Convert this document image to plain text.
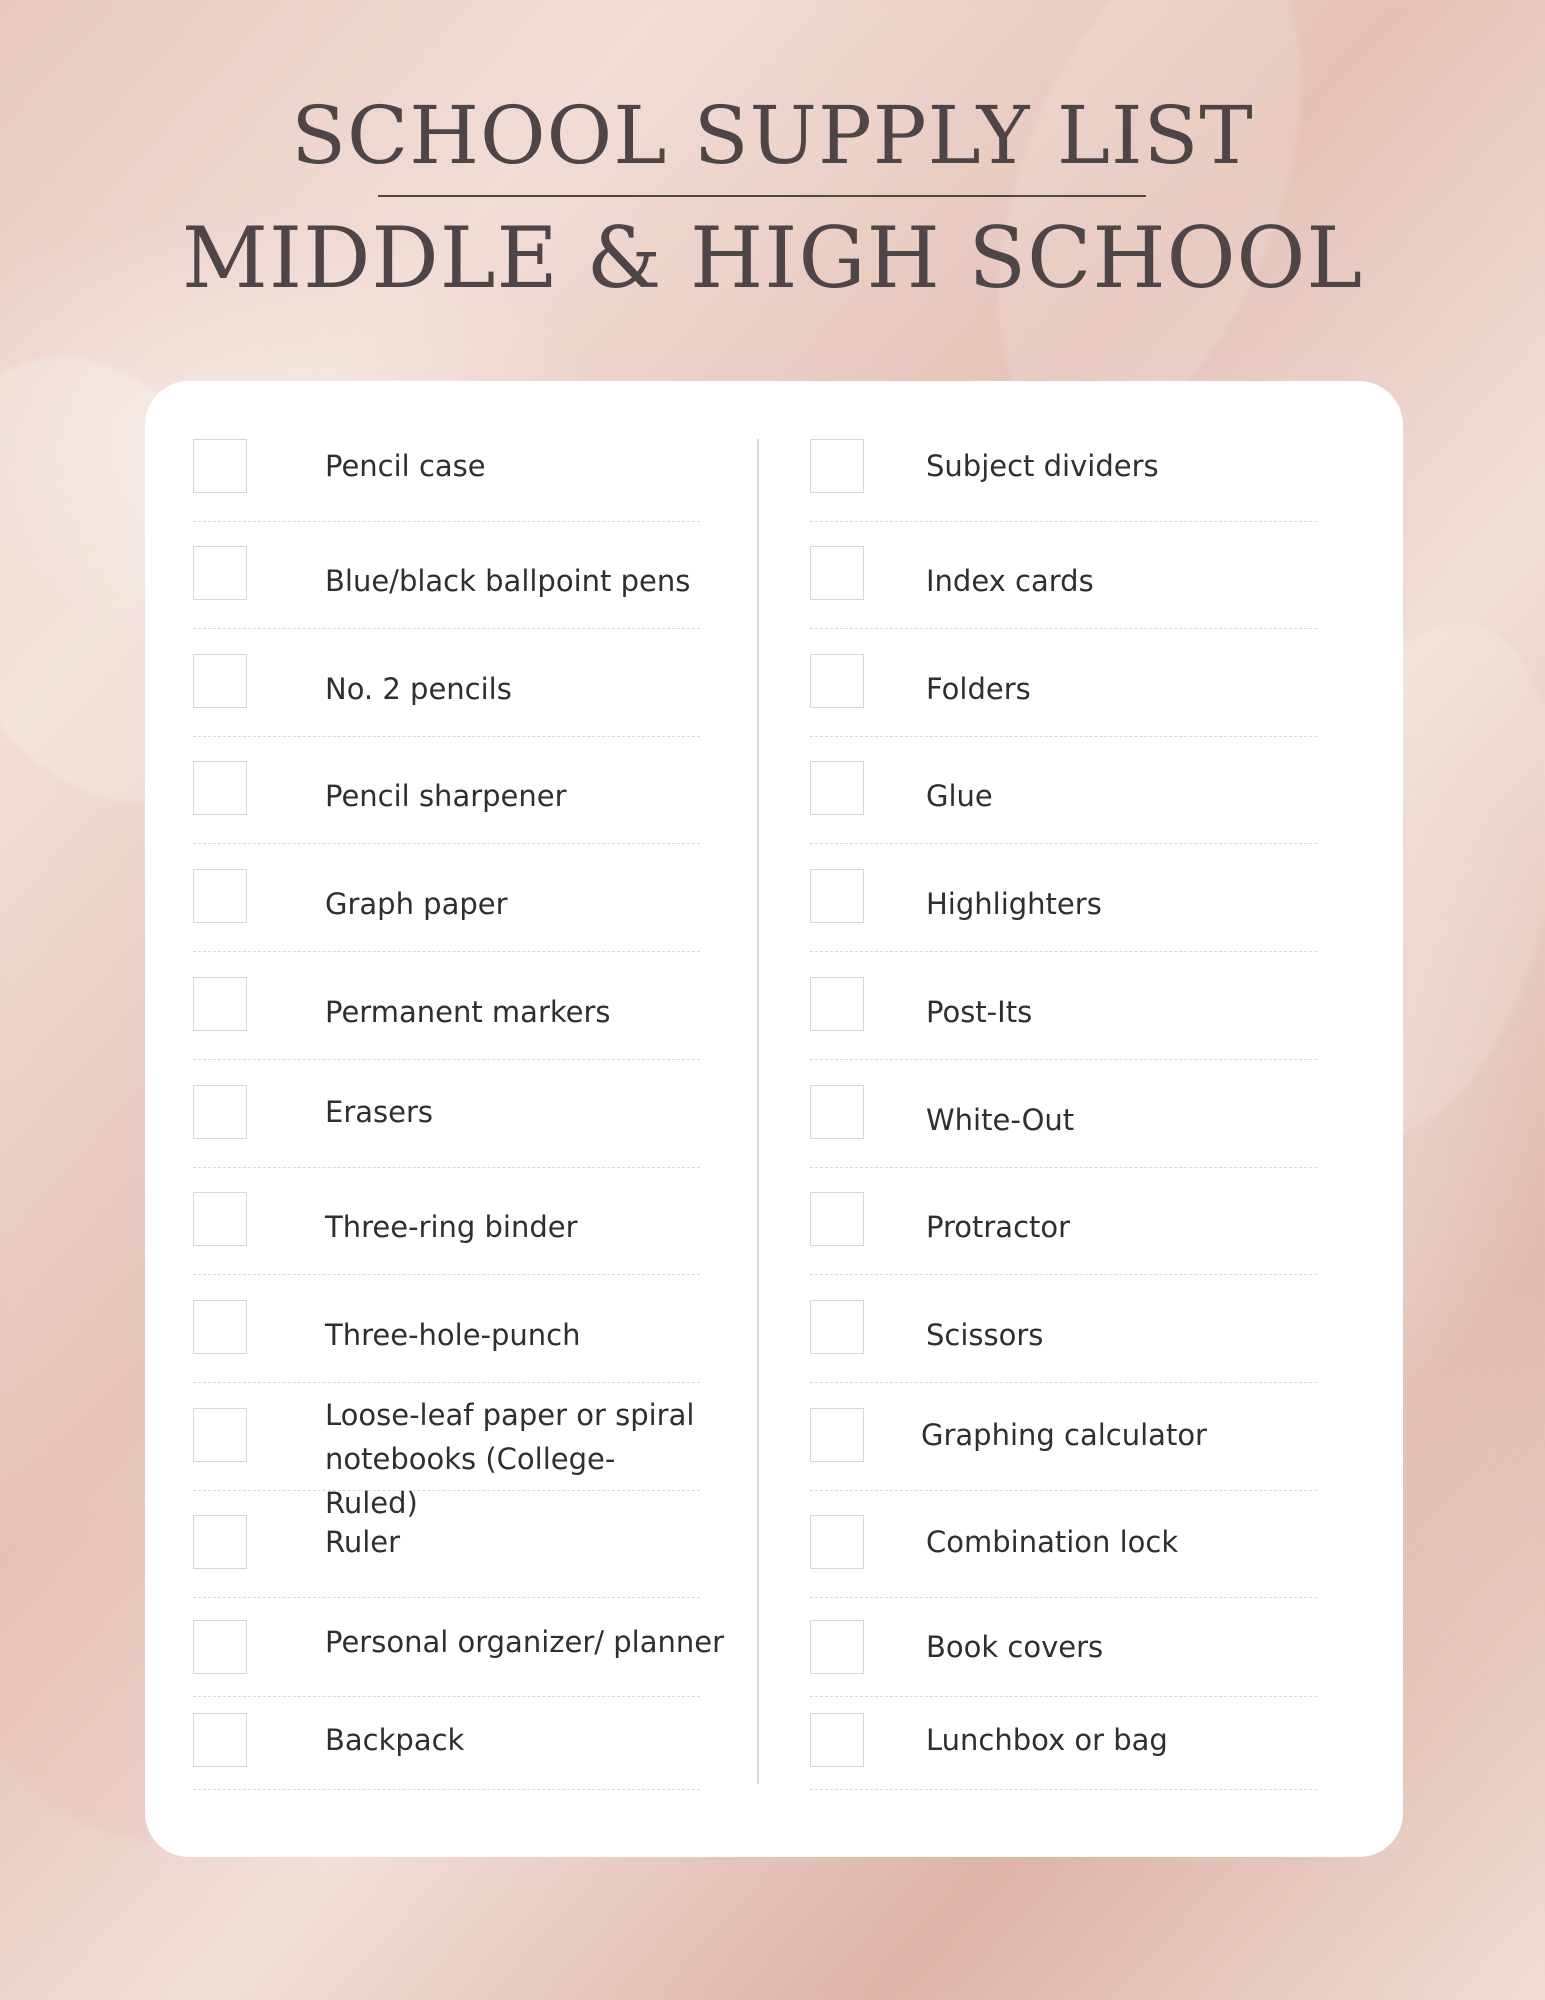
SCHOOL SUPPLY LIST
MIDDLE & HIGH SCHOOL
Pencil case
Blue/black ballpoint pens
No. 2 pencils
Pencil sharpener
Graph paper
Permanent markers
Erasers
Three-ring binder
Three-hole-punch
Loose-leaf paper or spiral notebooks (College-Ruled)
Ruler
Personal organizer/ planner
Backpack
Subject dividers
Index cards
Folders
Glue
Highlighters
Post-Its
White-Out
Protractor
Scissors
Graphing calculator
Combination lock
Book covers
Lunchbox or bag
